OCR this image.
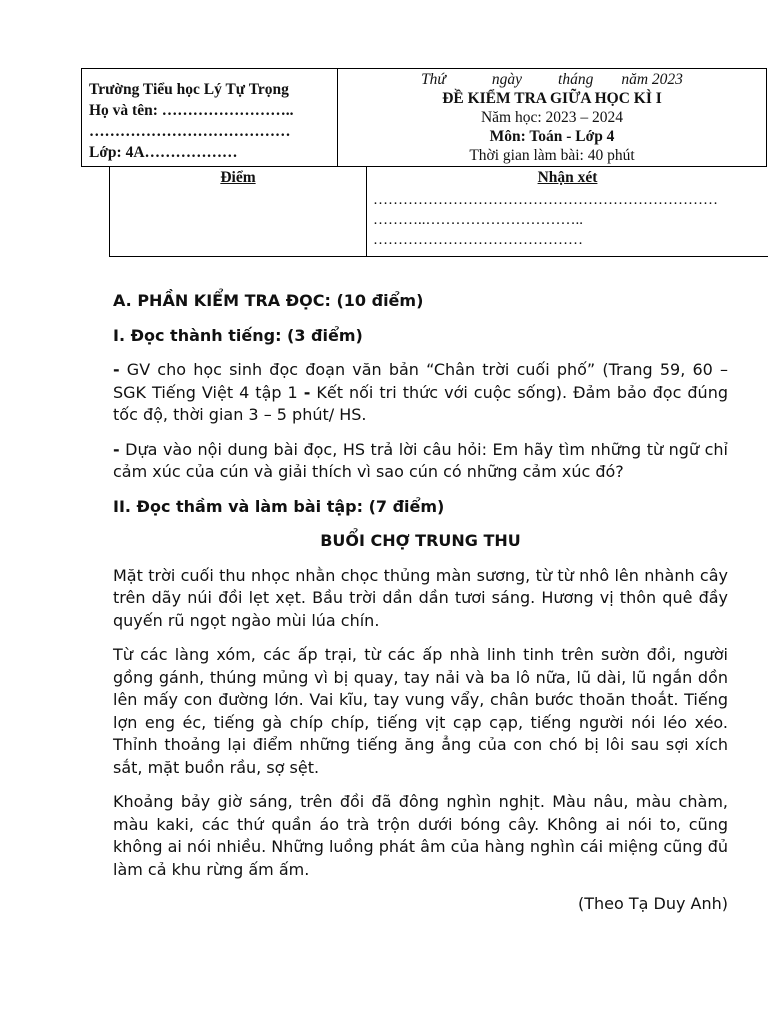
Trường Tiểu học Lý Tự Trọng
Họ và tên: ……………………..
…………………………………
Lớp: 4A………………
Thứ	ngày tháng năm 2023
ĐỀ KIỂM TRA GIỮA HỌC KÌ I
Năm học: 2023 – 2024
Môn: Toán - Lớp 4
Thời gian làm bài: 40 phút
Điểm	Nhận xét
……………………………………………………………
………..…………………………..
……………………………………

A. PHẦN KIỂM TRA ĐỌC: (10 điểm)

I. Đọc thành tiếng: (3 điểm)

- GV cho học sinh đọc đoạn văn bản “Chân trời cuối phố” (Trang 59, 60 – SGK Tiếng Việt 4 tập 1 - Kết nối tri thức với cuộc sống). Đảm bảo đọc đúng tốc độ, thời gian 3 – 5 phút/ HS.

- Dựa vào nội dung bài đọc, HS trả lời câu hỏi: Em hãy tìm những từ ngữ chỉ cảm xúc của cún và giải thích vì sao cún có những cảm xúc đó?

II. Đọc thầm và làm bài tập: (7 điểm)

BUỔI CHỢ TRUNG THU

Mặt trời cuối thu nhọc nhằn chọc thủng màn sương, từ từ nhô lên nhành cây trên dãy núi đồi lẹt xẹt. Bầu trời dần dần tươi sáng. Hương vị thôn quê đầy quyến rũ ngọt ngào mùi lúa chín.

Từ các làng xóm, các ấp trại, từ các ấp nhà linh tinh trên sườn đồi, người gồng gánh, thúng mủng vì bị quay, tay nải và ba lô nữa, lũ dài, lũ ngắn dồn lên mấy con đường lớn. Vai kĩu, tay vung vẩy, chân bước thoăn thoắt. Tiếng lợn eng éc, tiếng gà chíp chíp, tiếng vịt cạp cạp, tiếng người nói léo xéo. Thỉnh thoảng lại điểm những tiếng ăng ẳng của con chó bị lôi sau sợi xích sắt, mặt buồn rầu, sợ sệt.

Khoảng bảy giờ sáng, trên đồi đã đông nghìn nghịt. Màu nâu, màu chàm, màu kaki, các thứ quần áo trà trộn dưới bóng cây. Không ai nói to, cũng không ai nói nhiều. Những luồng phát âm của hàng nghìn cái miệng cũng đủ làm cả khu rừng ấm ấm.

(Theo Tạ Duy Anh)
